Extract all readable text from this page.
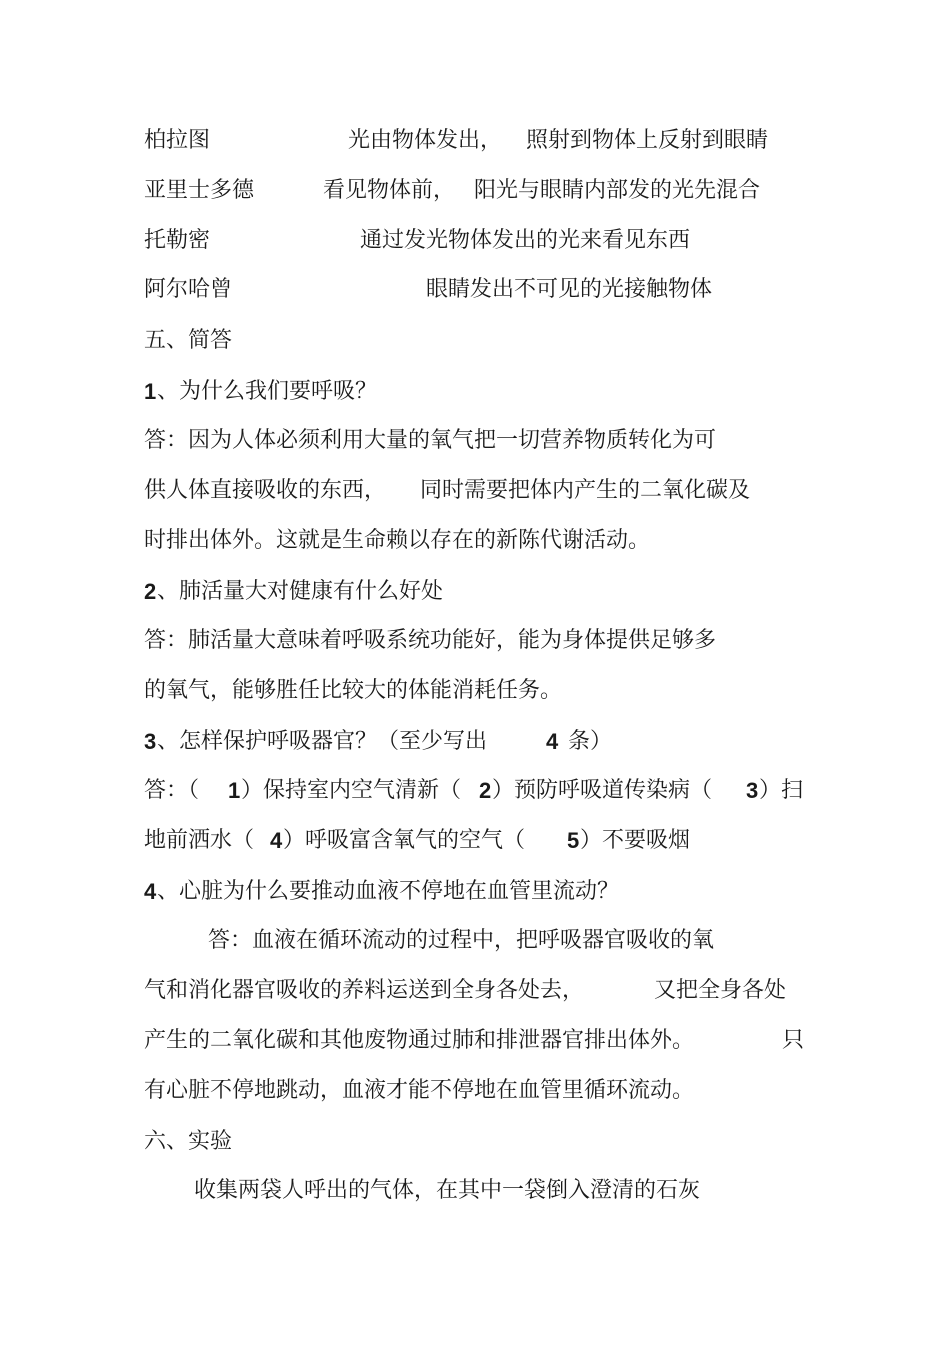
柏拉图	光由物体发出， 照射到物体上反射到眼睛
亚里士多德	看见物体前， 阳光与眼睛内部发的光先混合
托勒密	通过发光物体发出的光来看见东西
阿尔哈曾	眼睛发出不可见的光接触物体
五、简答
1 、为什么我们要呼吸？
答：因为人体必须利用大量的氧气把一切营养物质转化为可
供人体直接吸收的东西， 同时需要把体内产生的二氧化碳及
时排出体外。这就是生命赖以存在的新陈代谢活动。
2 、肺活量大对健康有什么好处
答：肺活量大意味着呼吸系统功能好，能为身体提供足够多
的氧气，能够胜任比较大的体能消耗任务。
3 、怎样保护呼吸器官？（至少写出	4 条）
答：（ 1 ）保持室内空气清新（ 2 ）预防呼吸道传染病（ 3 ）扫
地前洒水（ 4 ）呼吸富含氧气的空气（ 5 ）不要吸烟
4 、心脏为什么要推动血液不停地在血管里流动？
答：血液在循环流动的过程中，把呼吸器官吸收的氧
气和消化器官吸收的养料运送到全身各处去，	又把全身各处
产生的二氧化碳和其他废物通过肺和排泄器官排出体外。	只
有心脏不停地跳动，血液才能不停地在血管里循环流动。
六、实验
收集两袋人呼出的气体，在其中一袋倒入澄清的石灰
